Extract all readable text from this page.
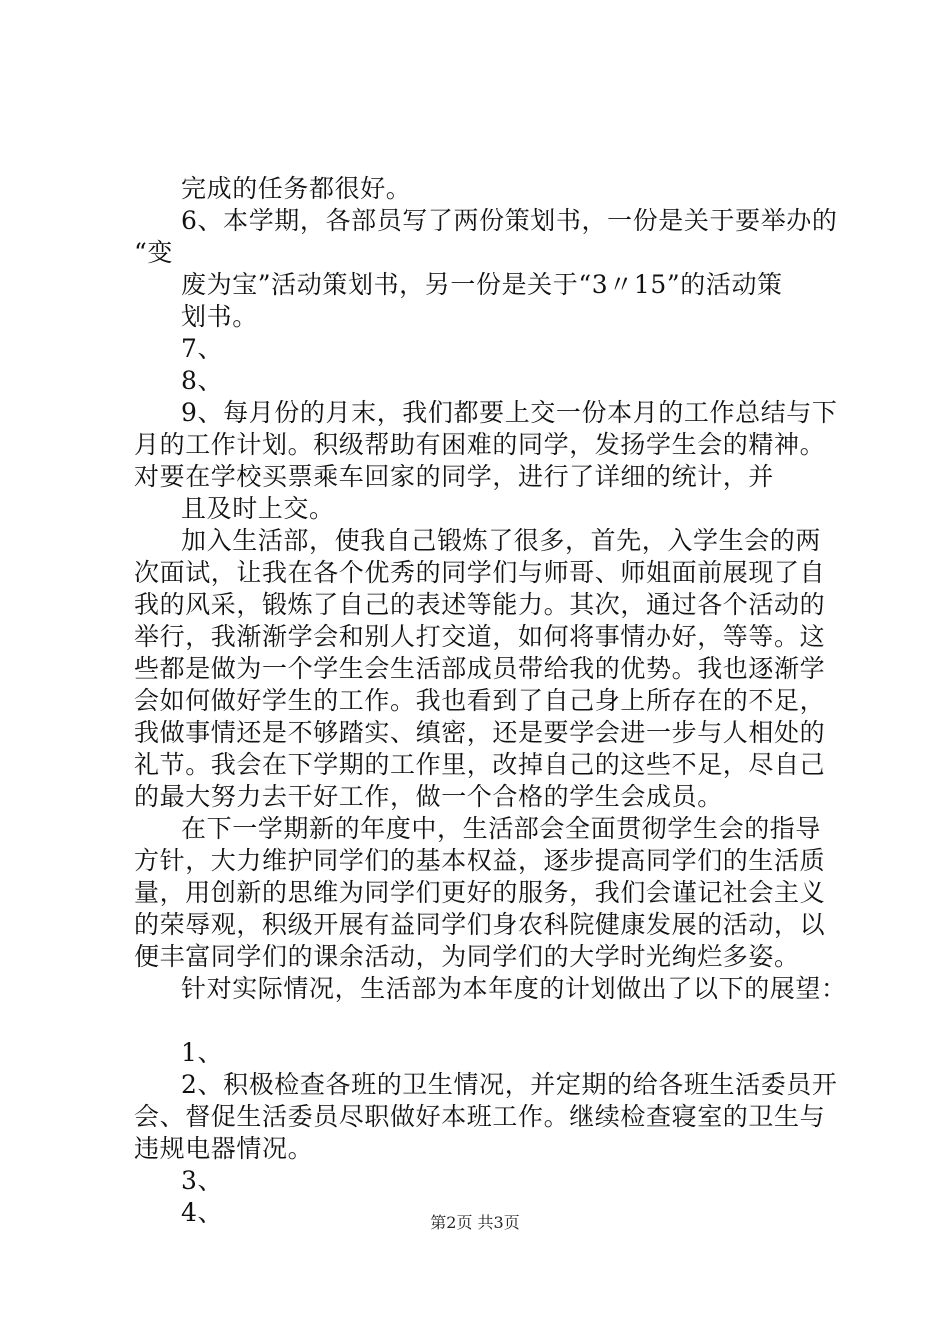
完成的任务都很好。
6、本学期，各部员写了两份策划书，一份是关于要举办的
“变
废为宝”活动策划书，另一份是关于“3〃15”的活动策
划书。
7、
8、
9、每月份的月末，我们都要上交一份本月的工作总结与下
月的工作计划。积级帮助有困难的同学，发扬学生会的精神。
对要在学校买票乘车回家的同学，进行了详细的统计，并
且及时上交。
加入生活部，使我自己锻炼了很多，首先，入学生会的两
次面试，让我在各个优秀的同学们与师哥、师姐面前展现了自
我的风采，锻炼了自己的表述等能力。其次，通过各个活动的
举行，我渐渐学会和别人打交道，如何将事情办好，等等。这
些都是做为一个学生会生活部成员带给我的优势。我也逐渐学
会如何做好学生的工作。我也看到了自己身上所存在的不足，
我做事情还是不够踏实、缜密，还是要学会进一步与人相处的
礼节。我会在下学期的工作里，改掉自己的这些不足，尽自己
的最大努力去干好工作，做一个合格的学生会成员。
在下一学期新的年度中，生活部会全面贯彻学生会的指导
方针，大力维护同学们的基本权益，逐步提高同学们的生活质
量，用创新的思维为同学们更好的服务，我们会谨记社会主义
的荣辱观，积级开展有益同学们身农科院健康发展的活动，以
便丰富同学们的课余活动，为同学们的大学时光绚烂多姿。
针对实际情况，生活部为本年度的计划做出了以下的展望：
1、
2、积极检查各班的卫生情况，并定期的给各班生活委员开
会、督促生活委员尽职做好本班工作。继续检查寝室的卫生与
违规电器情况。
3、
4、	第2页 共3页
